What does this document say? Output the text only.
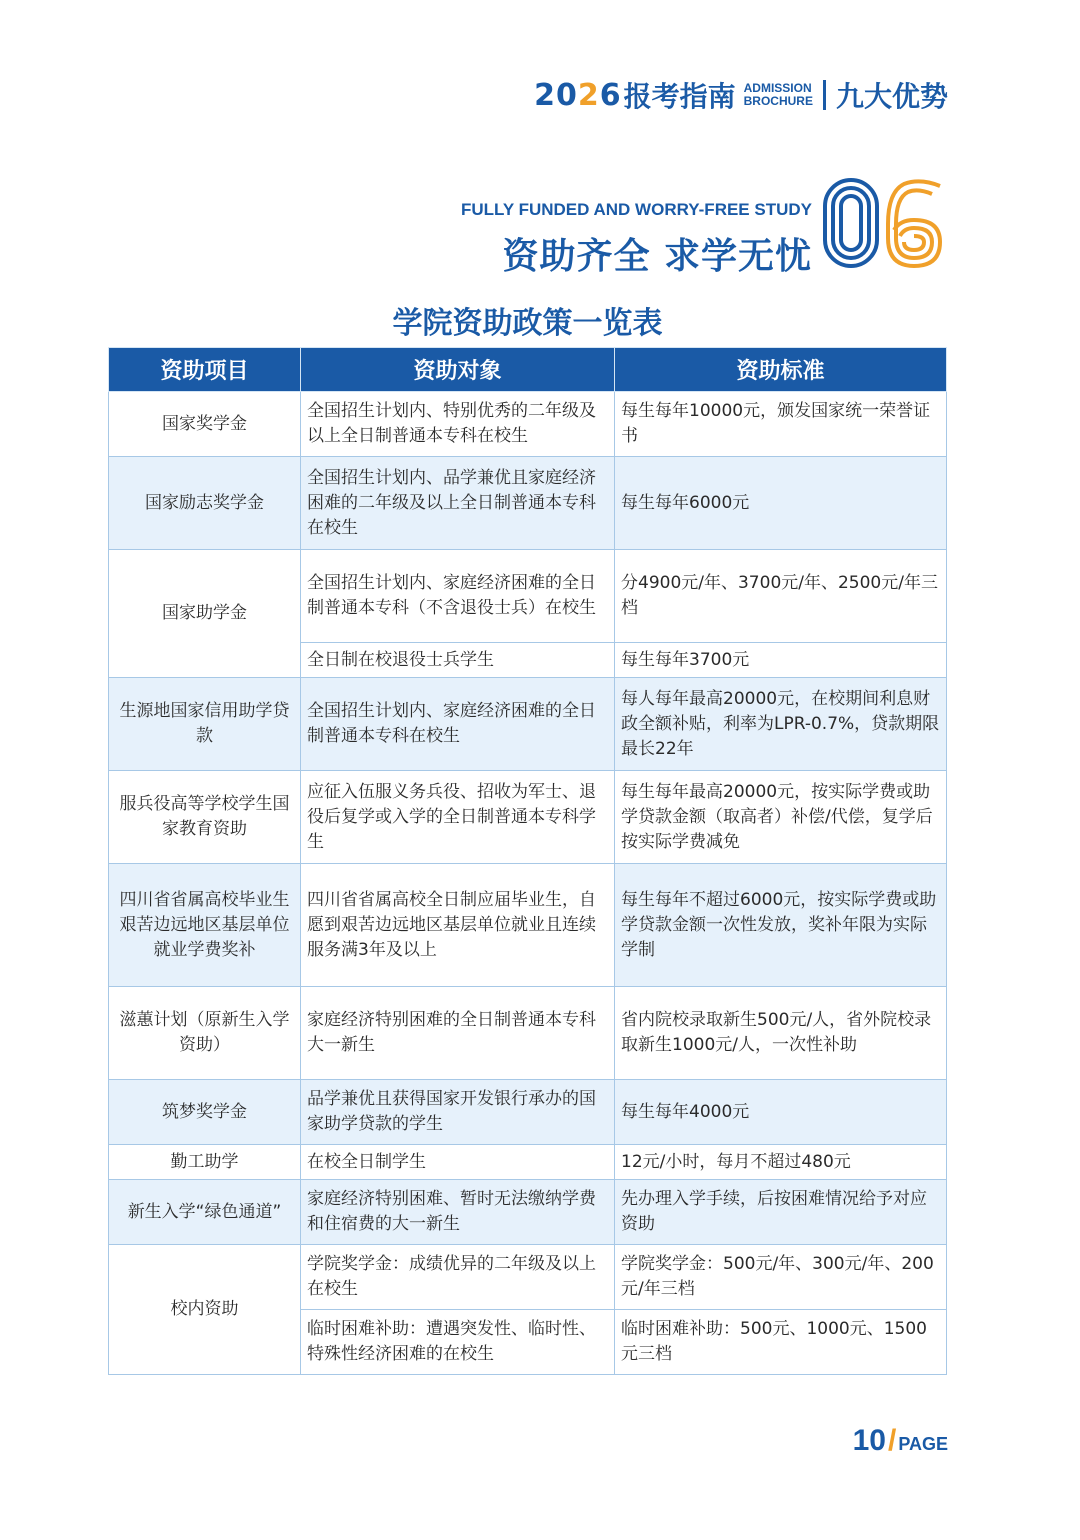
2026 报考指南 ADMISSION
BROCHURE 九大优势
FULLY FUNDED AND WORRY-FREE STUDY
资助齐全 求学无忧
学院资助政策一览表
资助项目	资助对象	资助标准
国家奖学金	全国招生计划内、特别优秀的二年级及以上全日制普通本专科在校生	每生每年10000元，颁发国家统一荣誉证书
国家励志奖学金	全国招生计划内、品学兼优且家庭经济困难的二年级及以上全日制普通本专科在校生	每生每年6000元
国家助学金	全国招生计划内、家庭经济困难的全日制普通本专科（不含退役士兵）在校生	分4900元/年、3700元/年、2500元/年三档
	全日制在校退役士兵学生	每生每年3700元
生源地国家信用助学贷款	全国招生计划内、家庭经济困难的全日制普通本专科在校生	每人每年最高20000元，在校期间利息财政全额补贴，利率为LPR-0.7%，贷款期限最长22年
服兵役高等学校学生国家教育资助	应征入伍服义务兵役、招收为军士、退役后复学或入学的全日制普通本专科学生	每生每年最高20000元，按实际学费或助学贷款金额（取高者）补偿/代偿，复学后按实际学费减免
四川省省属高校毕业生艰苦边远地区基层单位就业学费奖补	四川省省属高校全日制应届毕业生，自愿到艰苦边远地区基层单位就业且连续服务满3年及以上	每生每年不超过6000元，按实际学费或助学贷款金额一次性发放，奖补年限为实际学制
滋蕙计划（原新生入学资助）	家庭经济特别困难的全日制普通本专科大一新生	省内院校录取新生500元/人，省外院校录取新生1000元/人，一次性补助
筑梦奖学金	品学兼优且获得国家开发银行承办的国家助学贷款的学生	每生每年4000元
勤工助学	在校全日制学生	12元/小时，每月不超过480元
新生入学“绿色通道”	家庭经济特别困难、暂时无法缴纳学费和住宿费的大一新生	先办理入学手续，后按困难情况给予对应资助
校内资助	学院奖学金：成绩优异的二年级及以上在校生	学院奖学金：500元/年、300元/年、200元/年三档
	临时困难补助：遭遇突发性、临时性、特殊性经济困难的在校生	临时困难补助：500元、1000元、1500元三档
10 / PAGE
